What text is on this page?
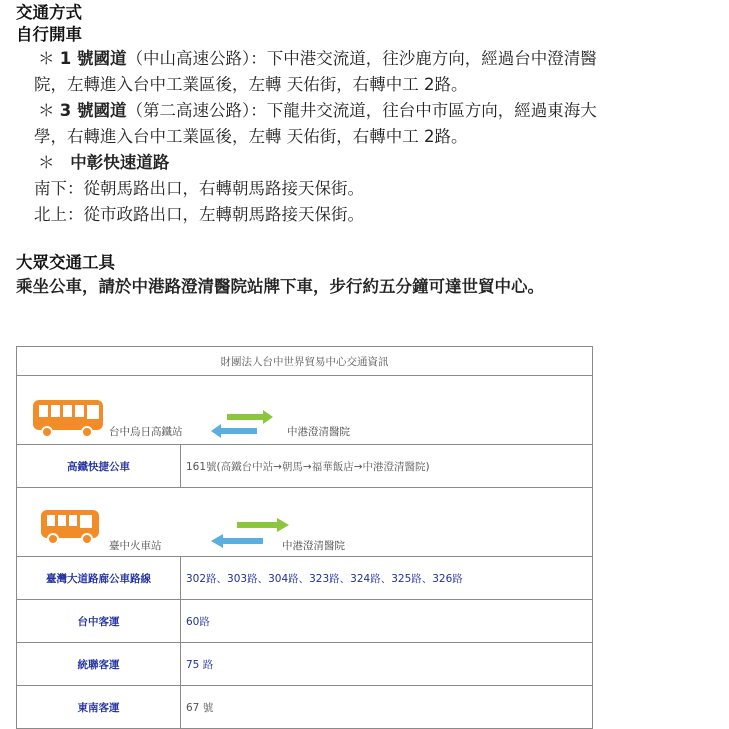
交通方式
自行開車
＊ 1 號國道（中山高速公路）：下中港交流道，往沙鹿方向，經過台中澄清醫
院，左轉進入台中工業區後，左轉 天佑街，右轉中工 2路。
＊ 3 號國道（第二高速公路）：下龍井交流道，往台中市區方向，經過東海大
學，右轉進入台中工業區後，左轉 天佑街，右轉中工 2路。
＊ 中彰快速道路
南下：從朝馬路出口，右轉朝馬路接天保街。
北上：從市政路出口，左轉朝馬路接天保街。
大眾交通工具
乘坐公車，請於中港路澄清醫院站牌下車，步行約五分鐘可達世貿中心。
財團法人台中世界貿易中心交通資訊	

台中烏日高鐵站 中港澄清醫院	

高鐵快捷公車	161號(高鐵台中站→朝馬→福華飯店→中港澄清醫院)

臺中火車站 中港澄清醫院	

臺灣大道路廊公車路線	302路、303路、304路、323路、324路、325路、326路
台中客運	60路
統聯客運	75 路
東南客運	67 號
